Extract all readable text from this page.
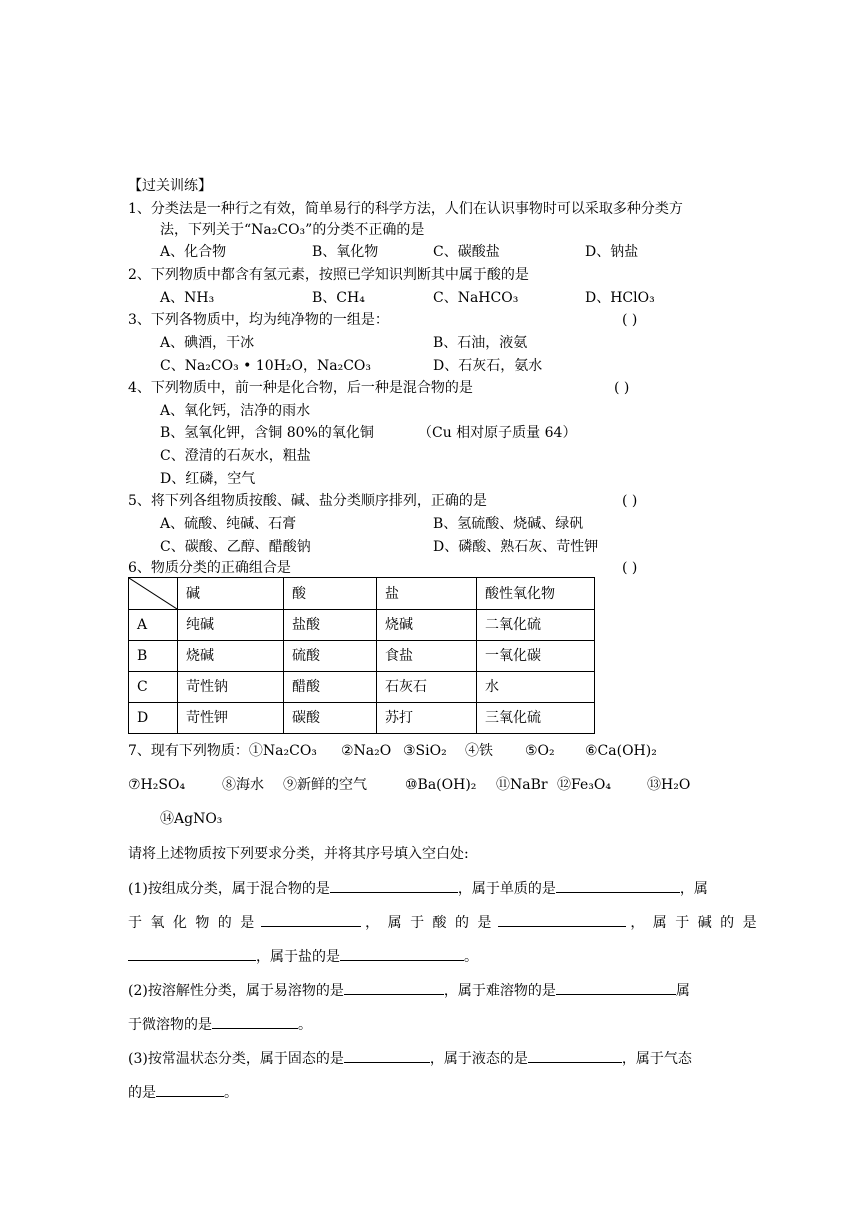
【过关训练】
1、分类法是一种行之有效，简单易行的科学方法，人们在认识事物时可以采取多种分类方
法，下列关于“Na₂CO₃”的分类不正确的是
A、化合物	B、氧化物	C、碳酸盐	D、钠盐
2、下列物质中都含有氢元素，按照已学知识判断其中属于酸的是
A、NH₃	B、CH₄	C、NaHCO₃	D、HClO₃
3、下列各物质中，均为纯净物的一组是：	( )
A、碘酒，干冰	B、石油，液氨
C、Na₂CO₃ • 10H₂O，Na₂CO₃	D、石灰石，氨水
4、下列物质中，前一种是化合物，后一种是混合物的是	( )
A、氧化钙，洁净的雨水
B、氢氧化钾，含铜 80%的氧化铜	（Cu 相对原子质量 64）
C、澄清的石灰水，粗盐
D、红磷，空气
5、将下列各组物质按酸、碱、盐分类顺序排列，正确的是	( )
A、硫酸、纯碱、石膏	B、氢硫酸、烧碱、绿矾
C、碳酸、乙醇、醋酸钠	D、磷酸、熟石灰、苛性钾
6、物质分类的正确组合是	( )
	碱	酸	盐	酸性氧化物
A	纯碱	盐酸	烧碱	二氧化硫
B	烧碱	硫酸	食盐	一氧化碳
C	苛性钠	醋酸	石灰石	水
D	苛性钾	碳酸	苏打	三氧化硫
7、现有下列物质：①Na₂CO₃ ②Na₂O ③SiO₂ ④铁 ⑤O₂ ⑥Ca(OH)₂
⑦H₂SO₄	⑧海水 ⑨新鲜的空气	⑩Ba(OH)₂ ⑪NaBr ⑫Fe₃O₄	⑬H₂O
⑭AgNO₃
请将上述物质按下列要求分类，并将其序号填入空白处:
(1)按组成分类，属于混合物的是	，属于单质的是	，属
于 氧 化 物 的 是	， 属 于 酸 的 是	， 属 于 碱 的 是
，属于盐的是	。
(2)按溶解性分类，属于易溶物的是	，属于难溶物的是	属
于微溶物的是	。
(3)按常温状态分类，属于固态的是	，属于液态的是	，属于气态
的是	。
